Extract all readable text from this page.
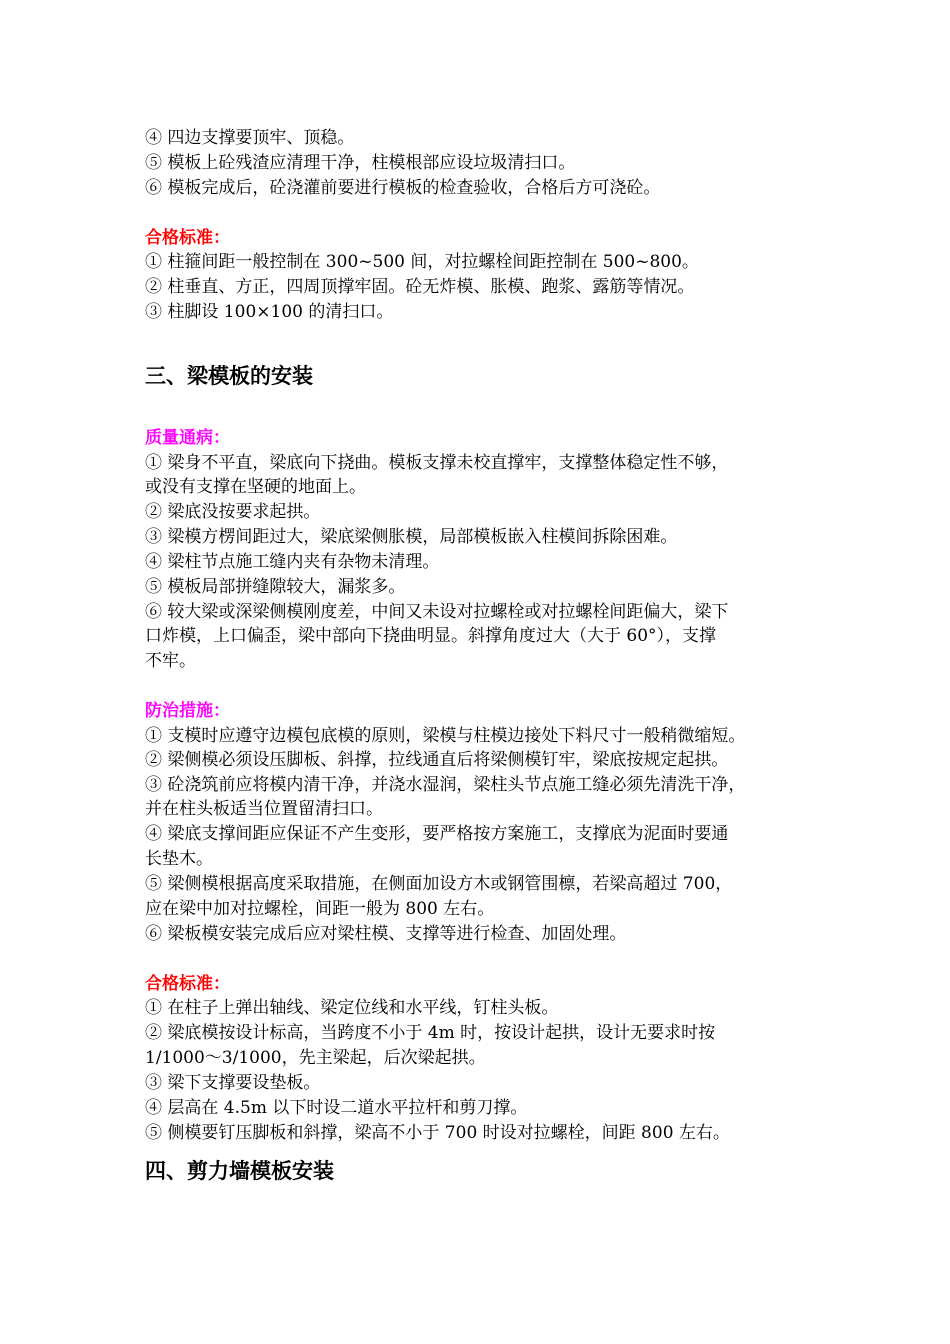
④ 四边支撑要顶牢、顶稳。
⑤ 模板上砼残渣应清理干净，柱模根部应设垃圾清扫口。
⑥ 模板完成后，砼浇灌前要进行模板的检查验收，合格后方可浇砼。
合格标准：
① 柱箍间距一般控制在 300~500 间，对拉螺栓间距控制在 500~800。
② 柱垂直、方正，四周顶撑牢固。砼无炸模、胀模、跑浆、露筋等情况。
③ 柱脚设 100×100 的清扫口。
三、梁模板的安装
质量通病：
① 梁身不平直，梁底向下挠曲。模板支撑未校直撑牢，支撑整体稳定性不够，
或没有支撑在坚硬的地面上。
② 梁底没按要求起拱。
③ 梁模方楞间距过大，梁底梁侧胀模，局部模板嵌入柱模间拆除困难。
④ 梁柱节点施工缝内夹有杂物未清理。
⑤ 模板局部拼缝隙较大，漏浆多。
⑥ 较大梁或深梁侧模刚度差，中间又未设对拉螺栓或对拉螺栓间距偏大，梁下
口炸模，上口偏歪，梁中部向下挠曲明显。斜撑角度过大（大于 60°），支撑
不牢。
防治措施：
① 支模时应遵守边模包底模的原则，梁模与柱模边接处下料尺寸一般稍微缩短。
② 梁侧模必须设压脚板、斜撑，拉线通直后将梁侧模钉牢，梁底按规定起拱。
③ 砼浇筑前应将模内清干净，并浇水湿润，梁柱头节点施工缝必须先清洗干净，
并在柱头板适当位置留清扫口。
④ 梁底支撑间距应保证不产生变形，要严格按方案施工，支撑底为泥面时要通
长垫木。
⑤ 梁侧模根据高度采取措施，在侧面加设方木或钢管围檩，若梁高超过 700，
应在梁中加对拉螺栓，间距一般为 800 左右。
⑥ 梁板模安装完成后应对梁柱模、支撑等进行检查、加固处理。
合格标准：
① 在柱子上弹出轴线、梁定位线和水平线，钉柱头板。
② 梁底模按设计标高，当跨度不小于 4m 时，按设计起拱，设计无要求时按
1/1000～3/1000，先主梁起，后次梁起拱。
③ 梁下支撑要设垫板。
④ 层高在 4.5m 以下时设二道水平拉杆和剪刀撑。
⑤ 侧模要钉压脚板和斜撑，梁高不小于 700 时设对拉螺栓，间距 800 左右。
四、剪力墙模板安装
